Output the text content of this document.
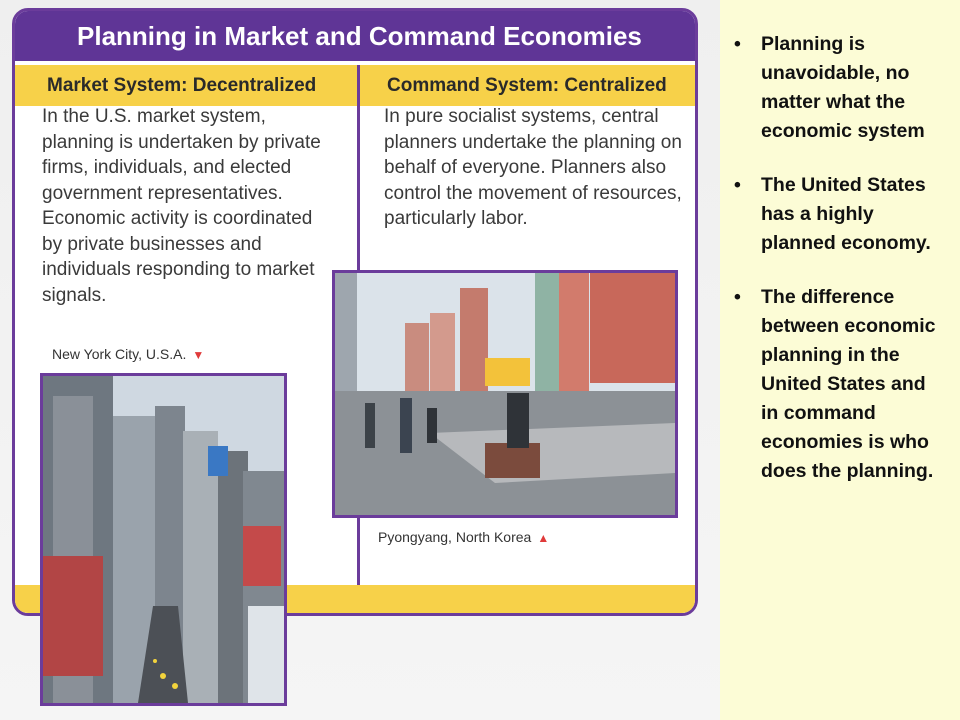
Planning in Market and Command Economies
Market System: Decentralized	Command System: Centralized
In the U.S. market system, planning is undertaken by private firms, individuals, and elected government representatives. Economic activity is coordinated by private businesses and individuals responding to market signals.
In pure socialist systems, central planners undertake the planning on behalf of everyone. Planners also control the movement of resources, particularly labor.
New York City, U.S.A. ▼
Pyongyang, North Korea ▲
• Planning is unavoidable, no matter what the economic system
• The United States has a highly planned economy.
• The difference between economic planning in the United States and in command economies is who does the planning.
